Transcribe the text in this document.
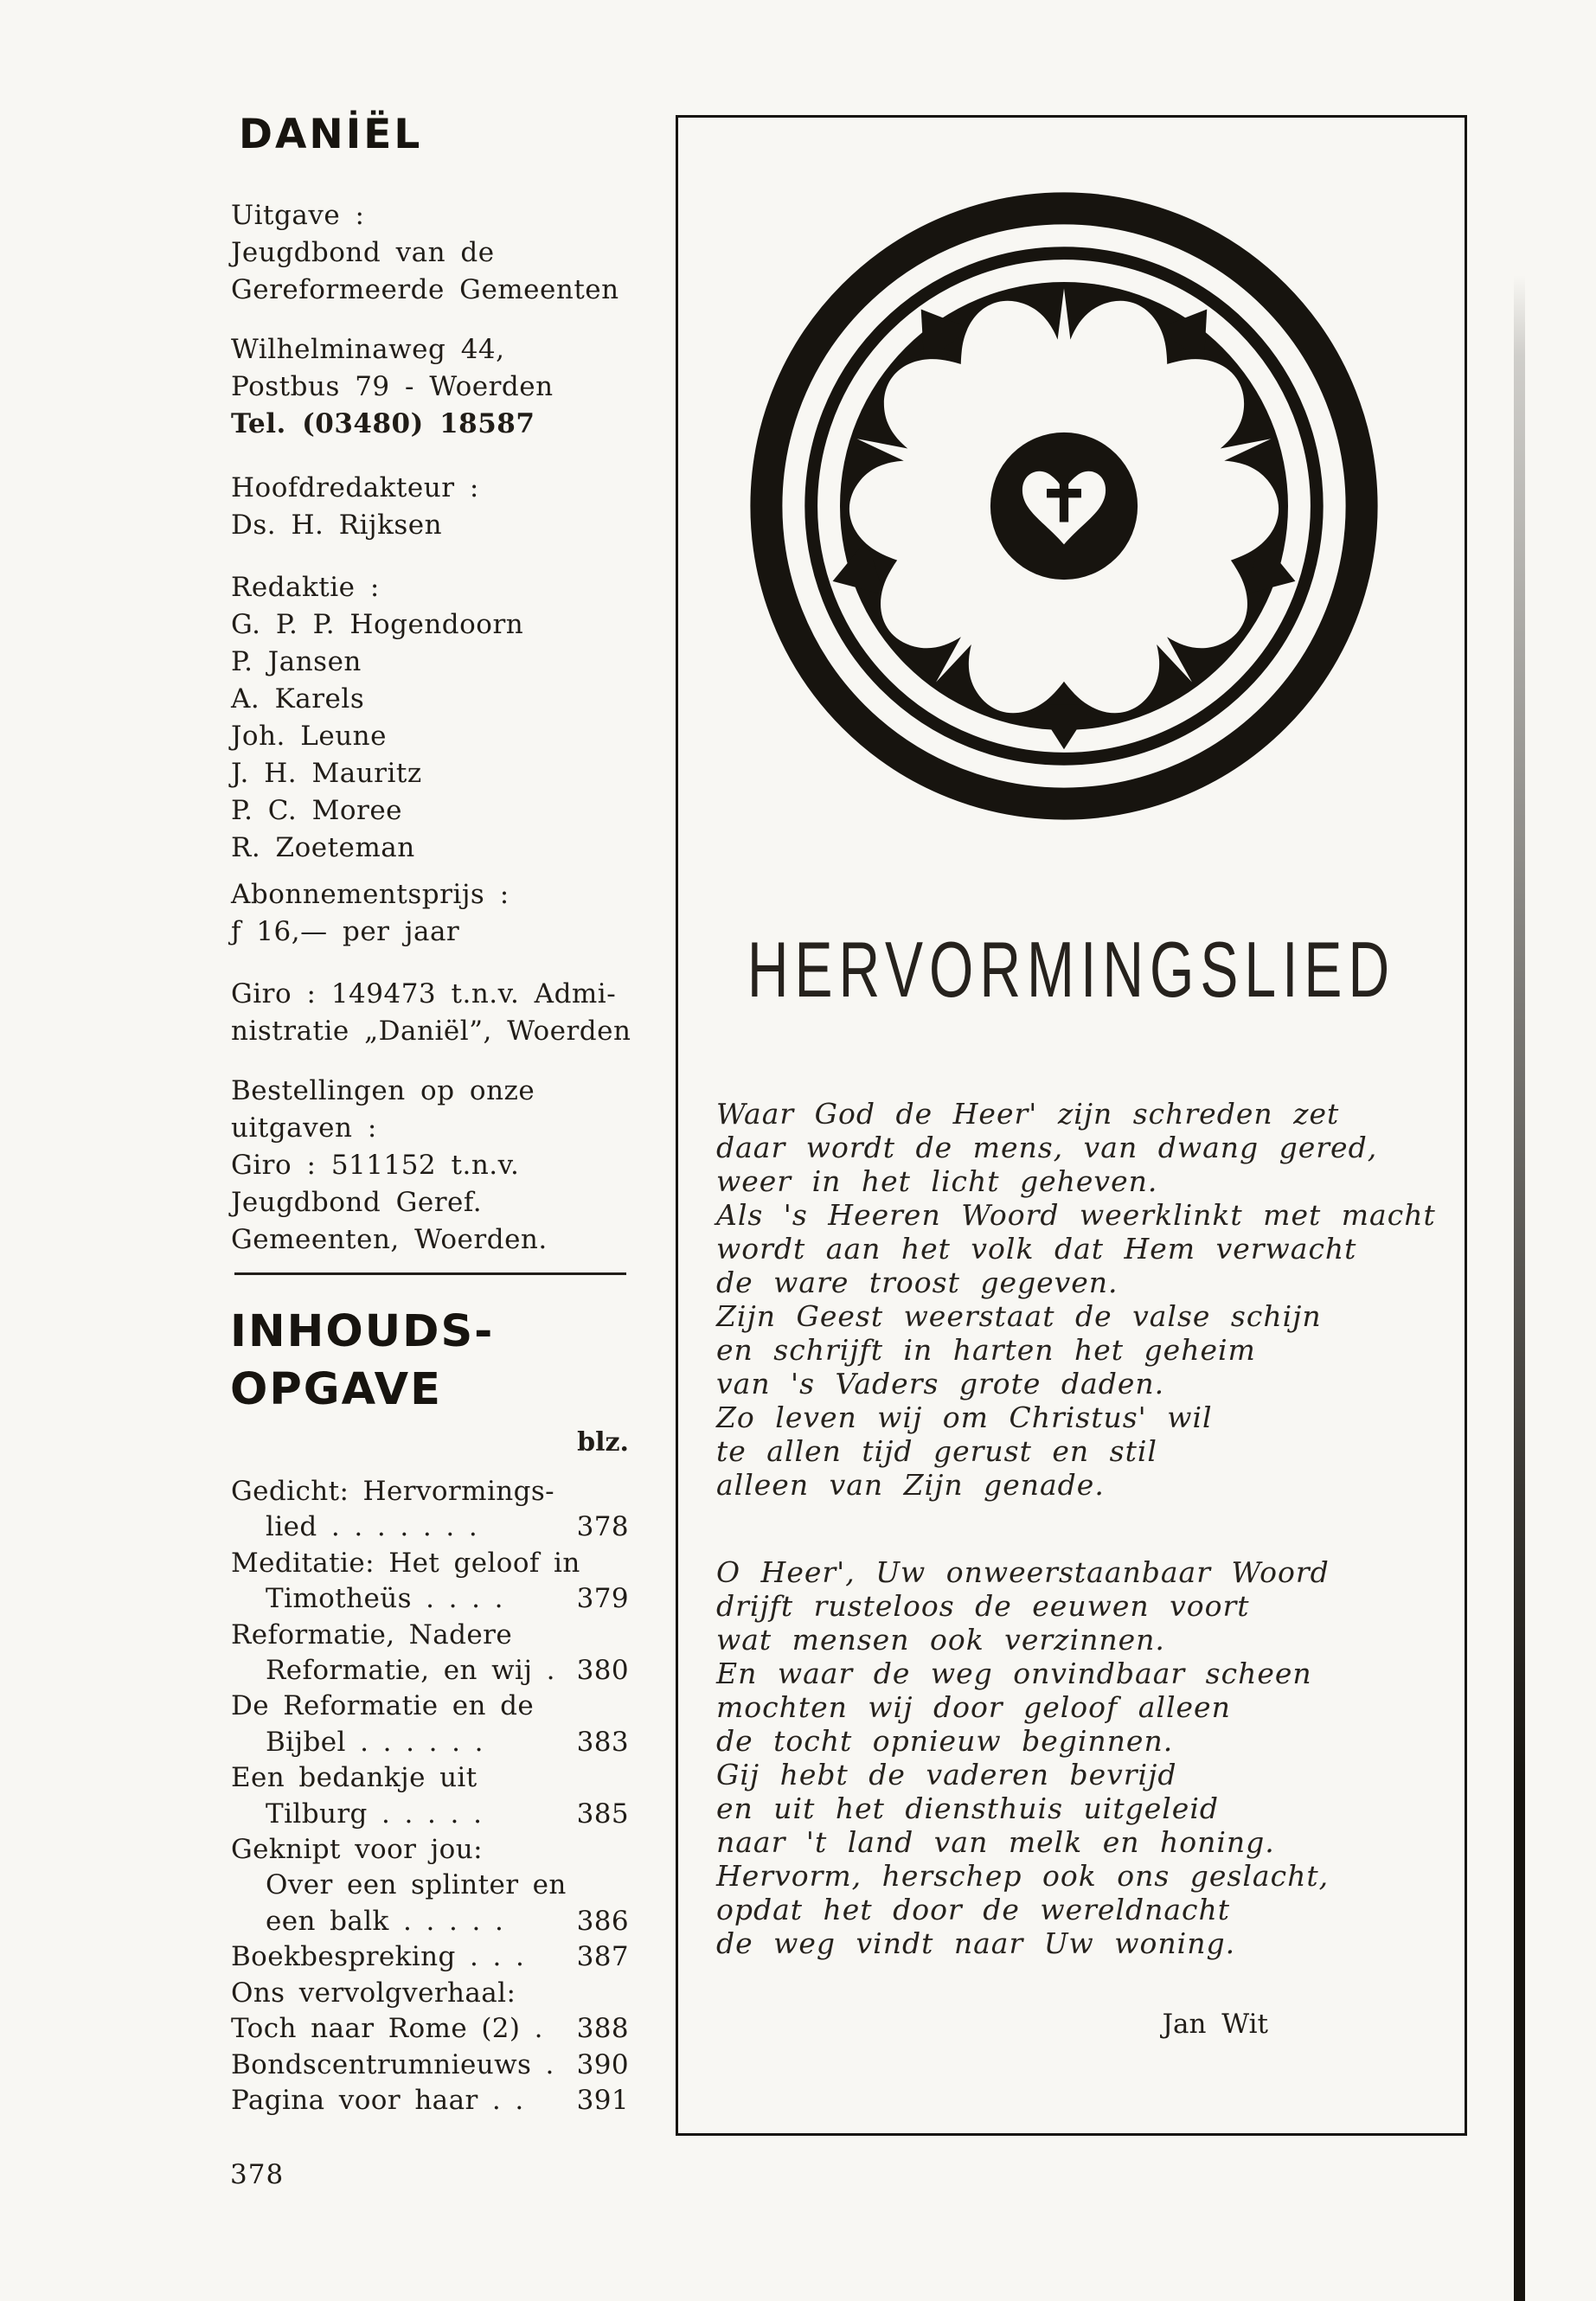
DANİËL
Uitgave :
Jeugdbond van de
Gereformeerde Gemeenten
Wilhelminaweg 44,
Postbus 79 - Woerden
Tel. (03480) 18587
Hoofdredakteur :
Ds. H. Rijksen
Redaktie :
G. P. P. Hogendoorn
P. Jansen
A. Karels
Joh. Leune
J. H. Mauritz
P. C. Moree
R. Zoeteman
Abonnementsprijs :
ƒ 16,— per jaar
Giro : 149473 t.n.v. Admi-
nistratie „Daniël”, Woerden
Bestellingen op onze
uitgaven :
Giro : 511152 t.n.v.
Jeugdbond Geref.
Gemeenten, Woerden.
INHOUDS-
OPGAVE
blz.
Gedicht: Hervormings-
lied . . . . . . .	378
Meditatie: Het geloof in
Timotheüs . . . .	379
Reformatie, Nadere
Reformatie, en wij . 380
De Reformatie en de
Bijbel . . . . . .	383
Een bedankje uit
Tilburg . . . . .	385
Geknipt voor jou:
Over een splinter en
een balk . . . . .	386
Boekbespreking . . . 387
Ons vervolgverhaal:
Toch naar Rome (2) . 388
Bondscentrumnieuws . 390
Pagina voor haar . . 391
378
HERVORMINGSLIED
Waar God de Heer' zijn schreden zet
daar wordt de mens, van dwang gered,
weer in het licht geheven.
Als 's Heeren Woord weerklinkt met macht
wordt aan het volk dat Hem verwacht
de ware troost gegeven.
Zijn Geest weerstaat de valse schijn
en schrijft in harten het geheim
van 's Vaders grote daden.
Zo leven wij om Christus' wil
te allen tijd gerust en stil
alleen van Zijn genade.
O Heer', Uw onweerstaanbaar Woord
drijft rusteloos de eeuwen voort
wat mensen ook verzinnen.
En waar de weg onvindbaar scheen
mochten wij door geloof alleen
de tocht opnieuw beginnen.
Gij hebt de vaderen bevrijd
en uit het diensthuis uitgeleid
naar 't land van melk en honing.
Hervorm, herschep ook ons geslacht,
opdat het door de wereldnacht
de weg vindt naar Uw woning.
Jan Wit
